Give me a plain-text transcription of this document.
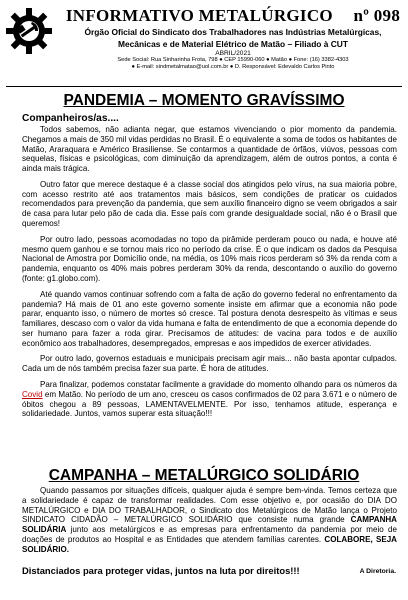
INFORMATIVO METALÚRGICO nº 098
Órgão Oficial do Sindicato dos Trabalhadores nas Indústrias Metalúrgicas,
Mecânicas e de Material Elétrico de Matão – Filiado à CUT
ABRIL/2021
Sede Social: Rua Sinharinha Frota, 798 ● CEP 15990-060 ● Matão ● Fone: (16) 3382-4303
● E-mail: sindmetalmatao@uol.com.br ● D. Responsável: Edevaldo Carlos Pinto
PANDEMIA – MOMENTO GRAVÍSSIMO
Companheiros/as....

Todos sabemos, não adianta negar, que estamos vivenciando o pior momento da pandemia. Chegamos a mais de 350 mil vidas perdidas no Brasil. É o equivalente a soma de todos os habitantes de Matão, Araraquara e Américo Brasiliense. Se contarmos a quantidade de órfãos, viúvos, pessoas com sequelas, físicas e psicológicas, com diminuição da aprendizagem, além de outros pontos, a conta é ainda mais trágica.

Outro fator que merece destaque é a classe social dos atingidos pelo vírus, na sua maioria pobre, com acesso restrito até aos tratamentos mais básicos, sem condições de praticar os cuidados recomendados para prevenção da pandemia, que sem auxílio financeiro digno se veem obrigados a sair de casa para lutar pelo pão de cada dia. Esse país com grande desigualdade social, não é o Brasil que queremos!

Por outro lado, pessoas acomodadas no topo da pirâmide perderam pouco ou nada, e houve até mesmo quem ganhou e se tornou mais rico no período da crise. É o que indicam os dados da Pesquisa Nacional de Amostra por Domicílio onde, na média, os 10% mais ricos perderam só 3% da renda com a pandemia, enquanto os 40% mais pobres perderam 30% da renda, descontando o auxílio do governo (fonte: g1.globo.com).

Até quando vamos continuar sofrendo com a falta de ação do governo federal no enfrentamento da pandemia? Há mais de 01 ano este governo somente insiste em afirmar que a economia não pode parar, enquanto isso, o número de mortes só cresce. Tal postura denota desrespeito às vítimas e seus familiares, descaso com o valor da vida humana e falta de entendimento de que a economia depende do ser humano para fazer a roda girar. Precisamos de atitudes: de vacina para todos e de auxílio econômico aos trabalhadores, desempregados, empresas e aos impedidos de exercer atividades.

Por outro lado, governos estaduais e municipais precisam agir mais... não basta apontar culpados. Cada um de nós também precisa fazer sua parte. É hora de atitudes.

Para finalizar, podemos constatar facilmente a gravidade do momento olhando para os números da Covid em Matão. No período de um ano, cresceu os casos confirmados de 02 para 3.671 e o número de óbitos chegou a 89 pessoas, LAMENTAVELMENTE. Por isso, tenhamos atitude, esperança e solidariedade. Juntos, vamos superar esta situação!!!

CAMPANHA – METALÚRGICO SOLIDÁRIO

Quando passamos por situações difíceis, qualquer ajuda é sempre bem-vinda. Temos certeza que a solidariedade é capaz de transformar realidades. Com esse objetivo e, por ocasião do DIA DO METALÚRGICO e DIA DO TRABALHADOR, o Sindicato dos Metalúrgicos de Matão lança o Projeto SINDICATO CIDADÃO – METALÚRGICO SOLIDÁRIO que consiste numa grande CAMPANHA SOLIDÁRIA junto aos metalúrgicos e as empresas para enfrentamento da pandemia por meio de doações de produtos ao Hospital e as Entidades que atendem famílias carentes. COLABORE, SEJA SOLIDÁRIO.

Distanciados para proteger vidas, juntos na luta por direitos!!!	A Diretoria.
